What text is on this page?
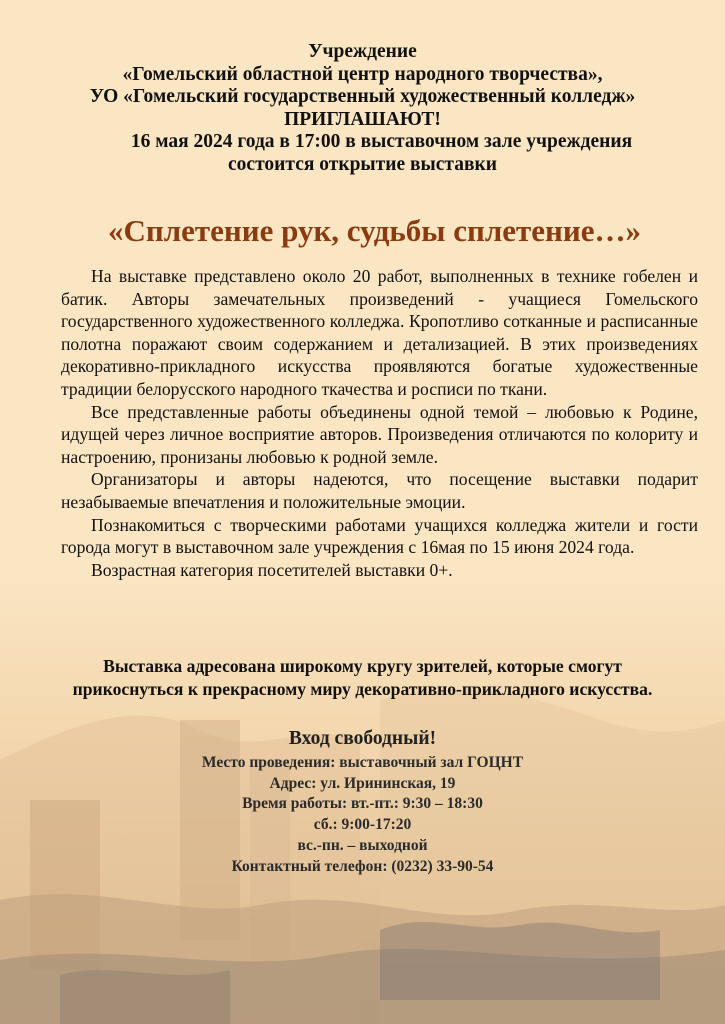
Учреждение
«Гомельский областной центр народного творчества»,
УО «Гомельский государственный художественный колледж»
ПРИГЛАШАЮТ!
16 мая 2024 года в 17:00 в выставочном зале учреждения
состоится открытие выставки
«Сплетение рук, судьбы сплетение…»

На выставке представлено около 20 работ, выполненных в технике гобелен и батик. Авторы замечательных произведений - учащиеся Гомельского государственного художественного колледжа. Кропотливо сотканные и расписанные полотна поражают своим содержанием и детализацией. В этих произведениях декоративно-прикладного искусства проявляются богатые художественные традиции белорусского народного ткачества и росписи по ткани.

Все представленные работы объединены одной темой – любовью к Родине, идущей через личное восприятие авторов. Произведения отличаются по колориту и настроению, пронизаны любовью к родной земле.

Организаторы и авторы надеются, что посещение выставки подарит незабываемые впечатления и положительные эмоции.

Познакомиться с творческими работами учащихся колледжа жители и гости города могут в выставочном зале учреждения с 16мая по 15 июня 2024 года.

Возрастная категория посетителей выставки 0+.

Выставка адресована широкому кругу зрителей, которые смогут
прикоснуться к прекрасному миру декоративно-прикладного искусства.
Вход свободный!
Место проведения: выставочный зал ГОЦНТ
Адрес: ул. Ирининская, 19
Время работы: вт.-пт.: 9:30 – 18:30
сб.: 9:00-17:20
вс.-пн. – выходной
Контактный телефон: (0232) 33-90-54
